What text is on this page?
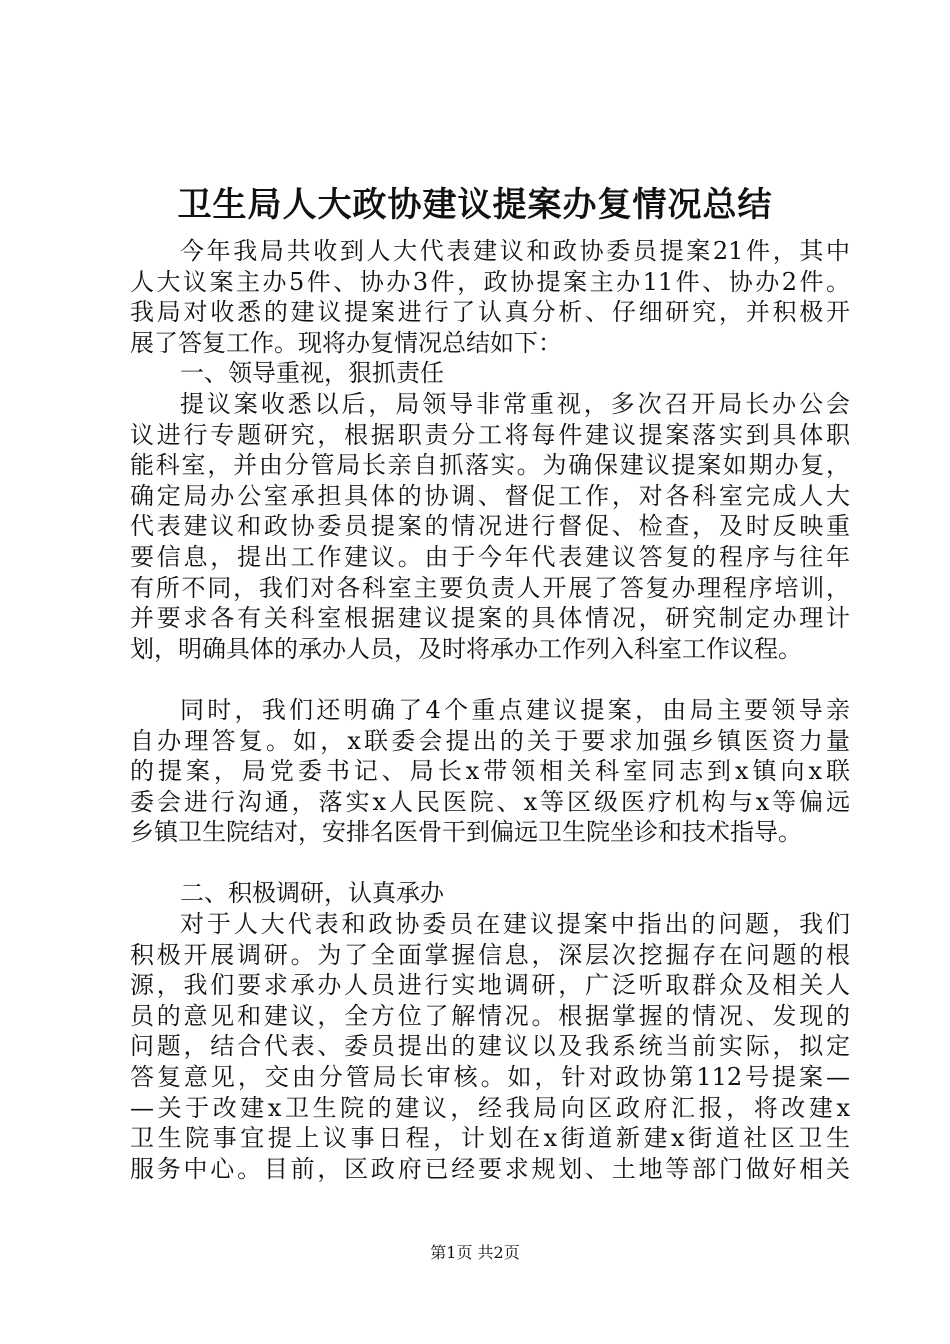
卫生局人大政协建议提案办复情况总结
今年我局共收到人大代表建议和政协委员提案21件，其中
人大议案主办5件、协办3件，政协提案主办11件、协办2件。
我局对收悉的建议提案进行了认真分析、仔细研究，并积极开
展了答复工作。现将办复情况总结如下：
一、领导重视，狠抓责任
提议案收悉以后，局领导非常重视，多次召开局长办公会
议进行专题研究，根据职责分工将每件建议提案落实到具体职
能科室，并由分管局长亲自抓落实。为确保建议提案如期办复，
确定局办公室承担具体的协调、督促工作，对各科室完成人大
代表建议和政协委员提案的情况进行督促、检查，及时反映重
要信息，提出工作建议。由于今年代表建议答复的程序与往年
有所不同，我们对各科室主要负责人开展了答复办理程序培训，
并要求各有关科室根据建议提案的具体情况，研究制定办理计
划，明确具体的承办人员，及时将承办工作列入科室工作议程。
同时，我们还明确了4个重点建议提案，由局主要领导亲
自办理答复。如，x联委会提出的关于要求加强乡镇医资力量
的提案，局党委书记、局长x带领相关科室同志到x镇向x联
委会进行沟通，落实x人民医院、x等区级医疗机构与x等偏远
乡镇卫生院结对，安排名医骨干到偏远卫生院坐诊和技术指导。
二、积极调研，认真承办
对于人大代表和政协委员在建议提案中指出的问题，我们
积极开展调研。为了全面掌握信息，深层次挖掘存在问题的根
源，我们要求承办人员进行实地调研，广泛听取群众及相关人
员的意见和建议，全方位了解情况。根据掌握的情况、发现的
问题，结合代表、委员提出的建议以及我系统当前实际，拟定
答复意见，交由分管局长审核。如，针对政协第112号提案—
—关于改建x卫生院的建议，经我局向区政府汇报，将改建x
卫生院事宜提上议事日程，计划在x街道新建x街道社区卫生
服务中心。目前，区政府已经要求规划、土地等部门做好相关
第1页 共2页
